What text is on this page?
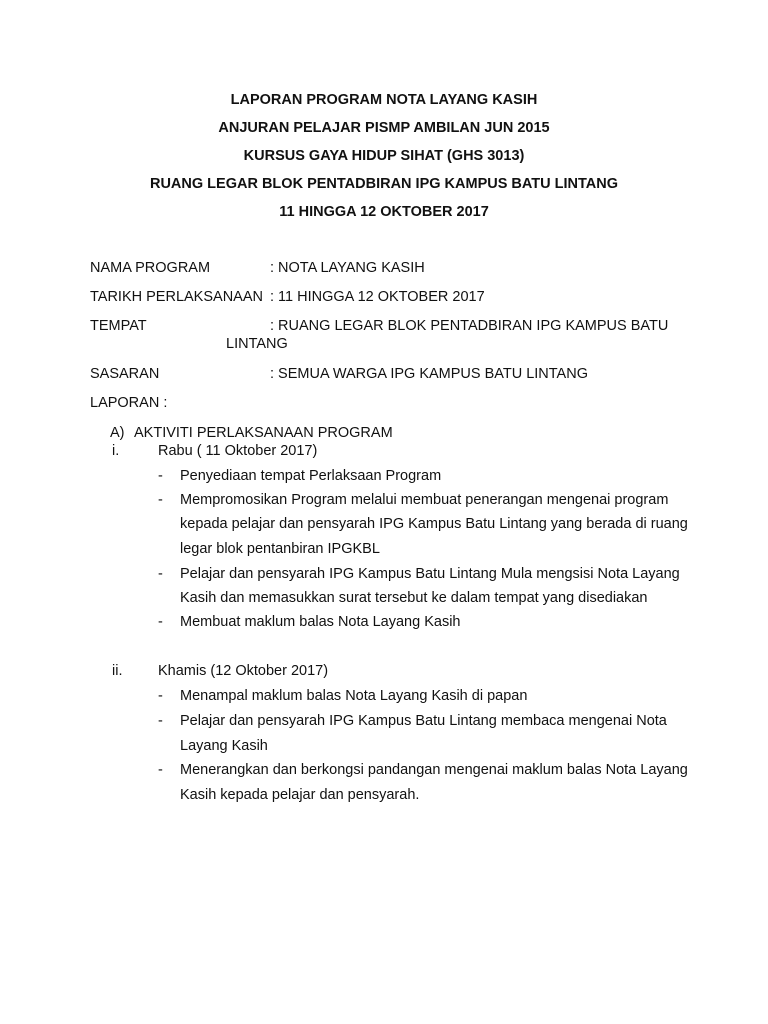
LAPORAN PROGRAM NOTA LAYANG KASIH
ANJURAN PELAJAR PISMP AMBILAN JUN 2015
KURSUS GAYA HIDUP SIHAT (GHS 3013)
RUANG LEGAR BLOK PENTADBIRAN IPG KAMPUS BATU LINTANG
11 HINGGA 12 OKTOBER 2017
NAMA PROGRAM	: NOTA LAYANG KASIH
TARIKH PERLAKSANAAN : 11 HINGGA 12 OKTOBER 2017
TEMPAT	: RUANG LEGAR BLOK PENTADBIRAN IPG KAMPUS BATU
LINTANG
SASARAN	: SEMUA WARGA IPG KAMPUS BATU LINTANG
LAPORAN :
A) AKTIVITI PERLAKSANAAN PROGRAM
i.	Rabu ( 11 Oktober 2017)
- Penyediaan tempat Perlaksaan Program
- Mempromosikan Program melalui membuat penerangan mengenai program
kepada pelajar dan pensyarah IPG Kampus Batu Lintang yang berada di ruang
legar blok pentanbiran IPGKBL
- Pelajar dan pensyarah IPG Kampus Batu Lintang Mula mengsisi Nota Layang
Kasih dan memasukkan surat tersebut ke dalam tempat yang disediakan
- Membuat maklum balas Nota Layang Kasih
ii. Khamis (12 Oktober 2017)
- Menampal maklum balas Nota Layang Kasih di papan
- Pelajar dan pensyarah IPG Kampus Batu Lintang membaca mengenai Nota
Layang Kasih
- Menerangkan dan berkongsi pandangan mengenai maklum balas Nota Layang
Kasih kepada pelajar dan pensyarah.
